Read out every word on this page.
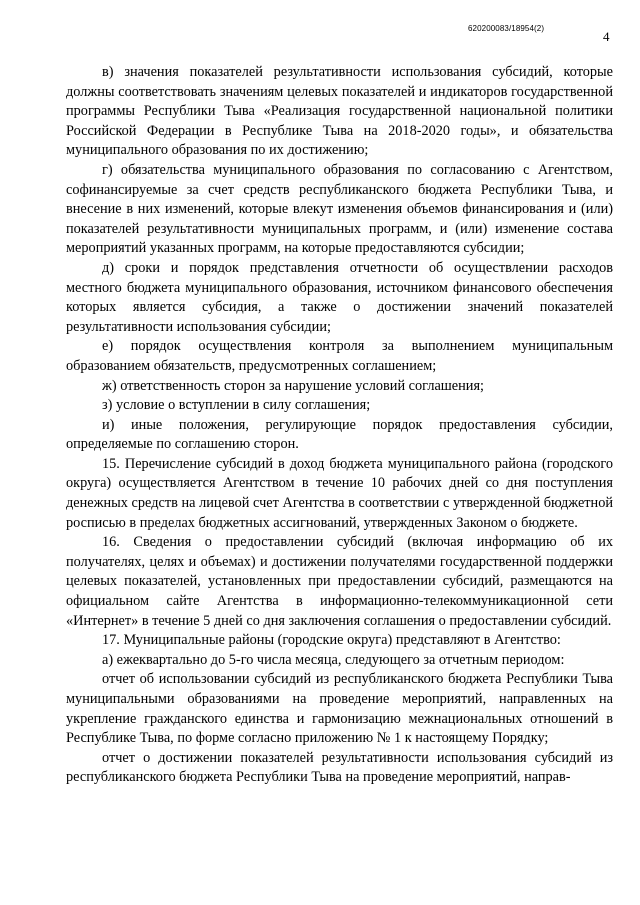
620200083/18954(2)
4

в) значения показателей результативности использования субсидий, которые должны соответствовать значениям целевых показателей и индикаторов государственной программы Республики Тыва «Реализация государственной национальной политики Российской Федерации в Республике Тыва на 2018-2020 годы», и обязательства муниципального образования по их достижению;

г) обязательства муниципального образования по согласованию с Агентством, софинансируемые за счет средств республиканского бюджета Республики Тыва, и внесение в них изменений, которые влекут изменения объемов финансирования и (или) показателей результативности муниципальных программ, и (или) изменение состава мероприятий указанных программ, на которые предоставляются субсидии;

д) сроки и порядок представления отчетности об осуществлении расходов местного бюджета муниципального образования, источником финансового обеспечения которых является субсидия, а также о достижении значений показателей результативности использования субсидии;

е) порядок осуществления контроля за выполнением муниципальным образованием обязательств, предусмотренных соглашением;

ж) ответственность сторон за нарушение условий соглашения;

з) условие о вступлении в силу соглашения;

и) иные положения, регулирующие порядок предоставления субсидии, определяемые по соглашению сторон.

15. Перечисление субсидий в доход бюджета муниципального района (городского округа) осуществляется Агентством в течение 10 рабочих дней со дня поступления денежных средств на лицевой счет Агентства в соответствии с утвержденной бюджетной росписью в пределах бюджетных ассигнований, утвержденных Законом о бюджете.

16. Сведения о предоставлении субсидий (включая информацию об их получателях, целях и объемах) и достижении получателями государственной поддержки целевых показателей, установленных при предоставлении субсидий, размещаются на официальном сайте Агентства в информационно-телекоммуникационной сети «Интернет» в течение 5 дней со дня заключения соглашения о предоставлении субсидий.

17. Муниципальные районы (городские округа) представляют в Агентство:

а) ежеквартально до 5-го числа месяца, следующего за отчетным периодом:

отчет об использовании субсидий из республиканского бюджета Республики Тыва муниципальными образованиями на проведение мероприятий, направленных на укрепление гражданского единства и гармонизацию межнациональных отношений в Республике Тыва, по форме согласно приложению № 1 к настоящему Порядку;

отчет о достижении показателей результативности использования субсидий из республиканского бюджета Республики Тыва на проведение мероприятий, направ-
